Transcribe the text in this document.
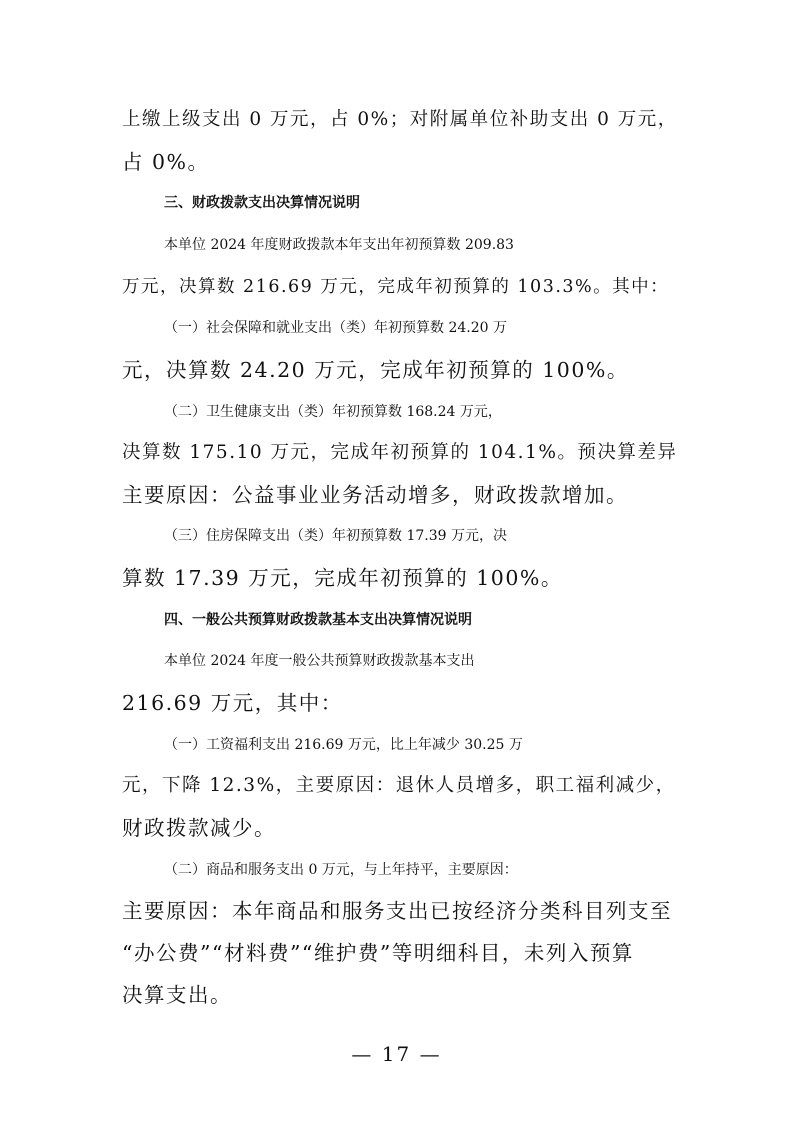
上缴上级支出 0 万元，占 0%；对附属单位补助支出 0 万元，
占 0%。
三、财政拨款支出决算情况说明
本单位 2024 年度财政拨款本年支出年初预算数 209.83
万元，决算数 216.69 万元，完成年初预算的 103.3%。其中：
（一）社会保障和就业支出（类）年初预算数 24.20 万
元，决算数 24.20 万元，完成年初预算的 100%。
（二）卫生健康支出（类）年初预算数 168.24 万元，
决算数 175.10 万元，完成年初预算的 104.1%。预决算差异
主要原因：公益事业业务活动增多，财政拨款增加。
（三）住房保障支出（类）年初预算数 17.39 万元，决
算数 17.39 万元，完成年初预算的 100%。
四、一般公共预算财政拨款基本支出决算情况说明
本单位 2024 年度一般公共预算财政拨款基本支出
216.69 万元，其中：
（一）工资福利支出 216.69 万元，比上年减少 30.25 万
元，下降 12.3%，主要原因：退休人员增多，职工福利减少，
财政拨款减少。
（二）商品和服务支出 0 万元，与上年持平，主要原因：
主要原因：本年商品和服务支出已按经济分类科目列支至
“办公费”“材料费”“维护费”等明细科目，未列入预算
决算支出。
— 17 —
